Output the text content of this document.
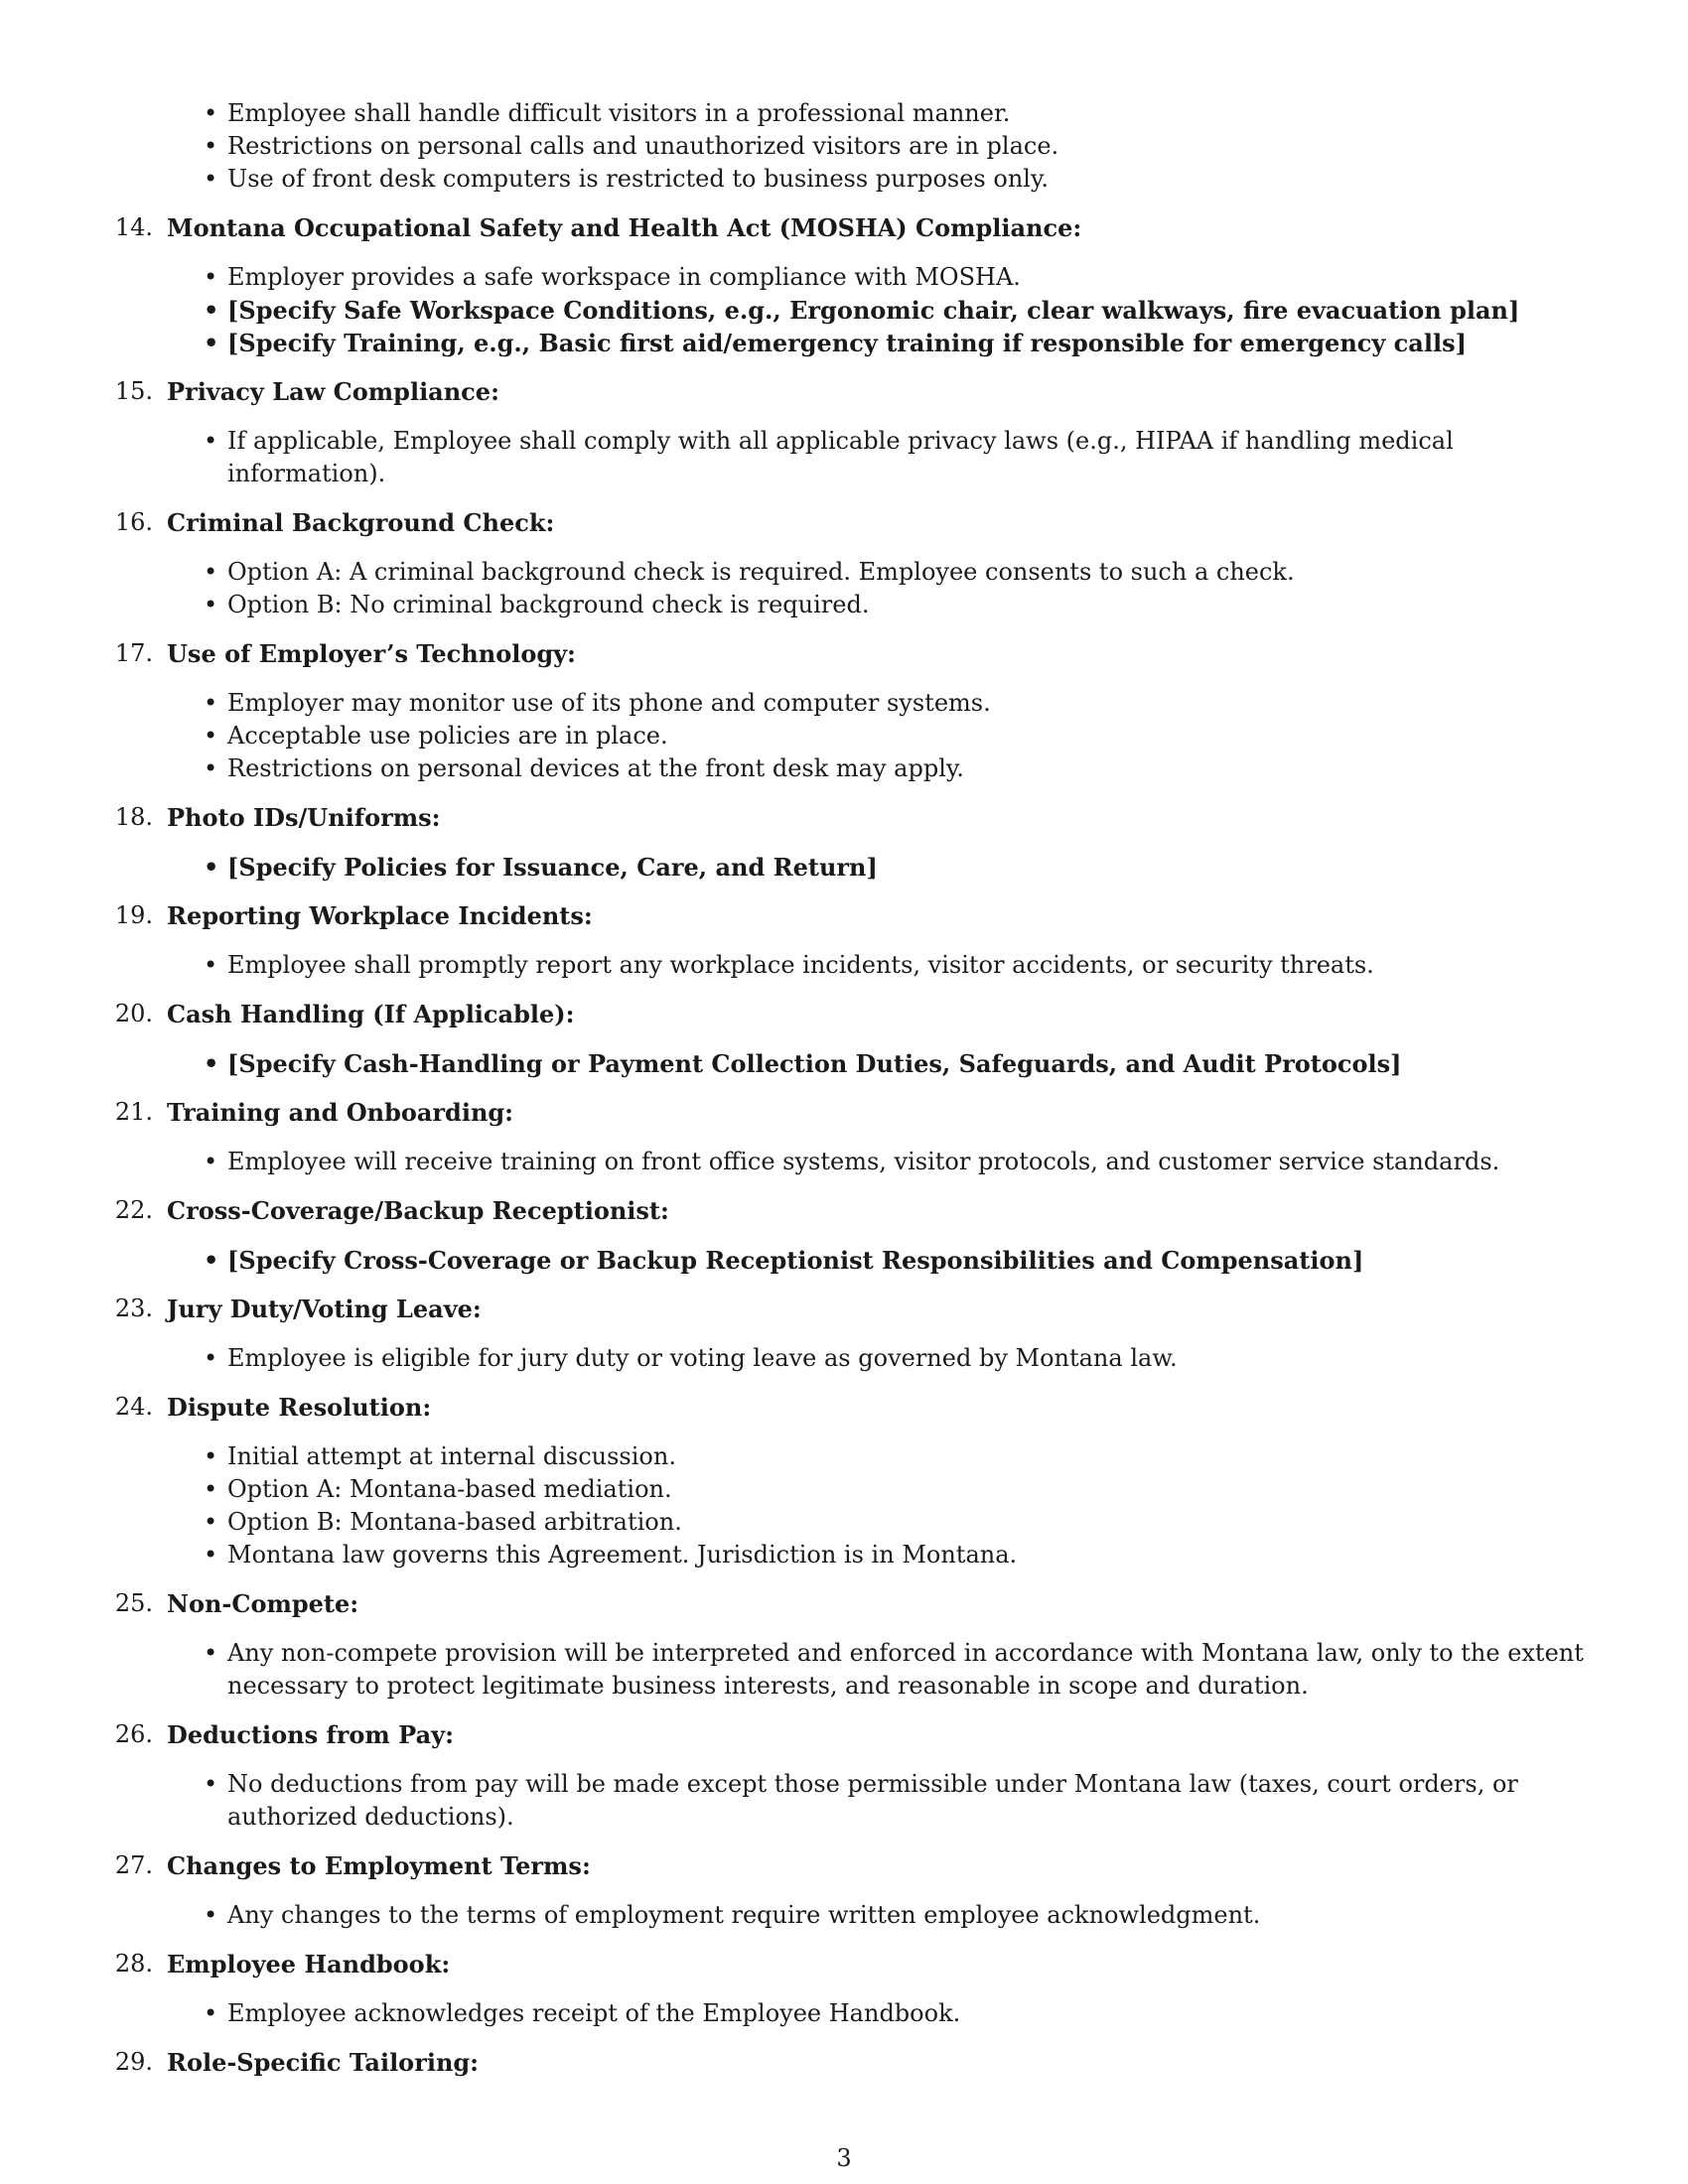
• Employee shall handle difficult visitors in a professional manner.
• Restrictions on personal calls and unauthorized visitors are in place.
• Use of front desk computers is restricted to business purposes only.
14. Montana Occupational Safety and Health Act (MOSHA) Compliance:
• Employer provides a safe workspace in compliance with MOSHA.
• [Specify Safe Workspace Conditions, e.g., Ergonomic chair, clear walkways, fire evacuation plan]
• [Specify Training, e.g., Basic first aid/emergency training if responsible for emergency calls]
15. Privacy Law Compliance:
• If applicable, Employee shall comply with all applicable privacy laws (e.g., HIPAA if handling medical information).
16. Criminal Background Check:
• Option A: A criminal background check is required. Employee consents to such a check.
• Option B: No criminal background check is required.
17. Use of Employer’s Technology:
• Employer may monitor use of its phone and computer systems.
• Acceptable use policies are in place.
• Restrictions on personal devices at the front desk may apply.
18. Photo IDs/Uniforms:
• [Specify Policies for Issuance, Care, and Return]
19. Reporting Workplace Incidents:
• Employee shall promptly report any workplace incidents, visitor accidents, or security threats.
20. Cash Handling (If Applicable):
• [Specify Cash-Handling or Payment Collection Duties, Safeguards, and Audit Protocols]
21. Training and Onboarding:
• Employee will receive training on front office systems, visitor protocols, and customer service standards.
22. Cross-Coverage/Backup Receptionist:
• [Specify Cross-Coverage or Backup Receptionist Responsibilities and Compensation]
23. Jury Duty/Voting Leave:
• Employee is eligible for jury duty or voting leave as governed by Montana law.
24. Dispute Resolution:
• Initial attempt at internal discussion.
• Option A: Montana-based mediation.
• Option B: Montana-based arbitration.
• Montana law governs this Agreement. Jurisdiction is in Montana.
25. Non-Compete:
• Any non-compete provision will be interpreted and enforced in accordance with Montana law, only to the extent necessary to protect legitimate business interests, and reasonable in scope and duration.
26. Deductions from Pay:
• No deductions from pay will be made except those permissible under Montana law (taxes, court orders, or authorized deductions).
27. Changes to Employment Terms:
• Any changes to the terms of employment require written employee acknowledgment.
28. Employee Handbook:
• Employee acknowledges receipt of the Employee Handbook.
29. Role-Specific Tailoring:
3
